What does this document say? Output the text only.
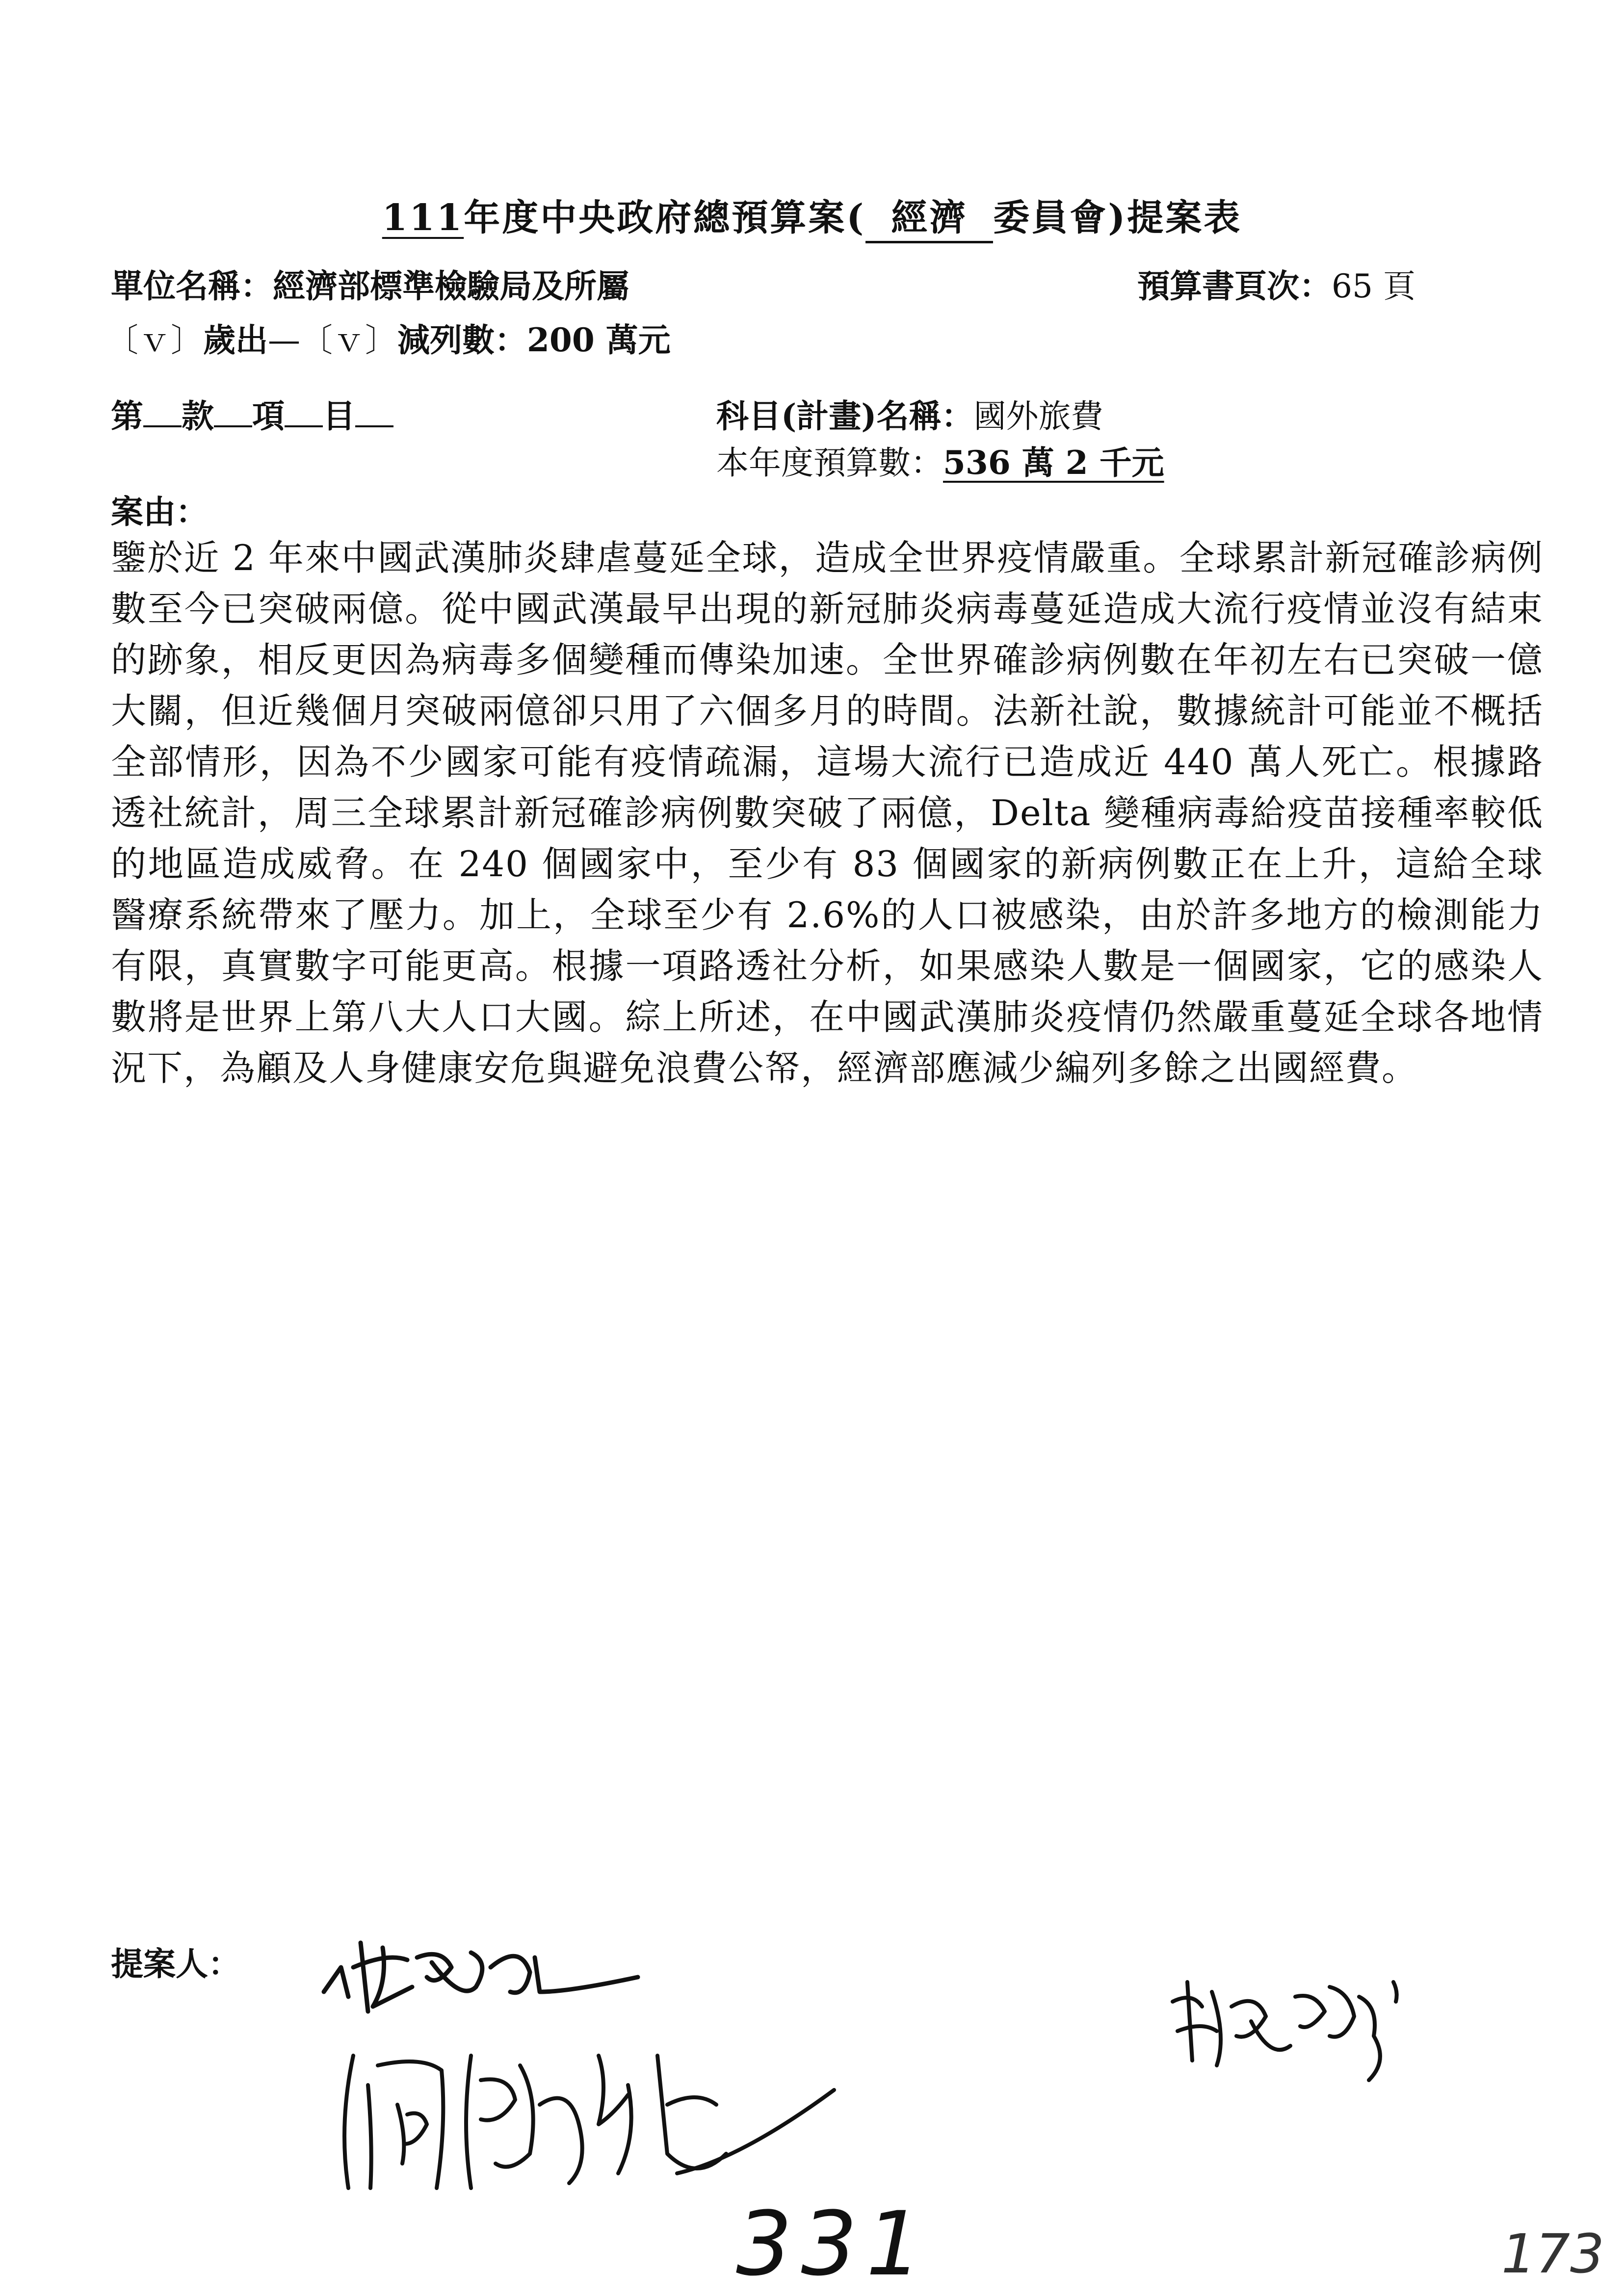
111年度中央政府總預算案( 經濟 委員會)提案表
單位名稱：經濟部標準檢驗局及所屬	預算書頁次：65 頁
〔ｖ〕歲出—〔ｖ〕減列數：200 萬元
第 款 項 目	科目(計畫)名稱：國外旅費
本年度預算數：536 萬 2 千元
案由：
鑒於近 2 年來中國武漢肺炎肆虐蔓延全球，造成全世界疫情嚴重。全球累計新冠確診病例數至今已突破兩億。從中國武漢最早出現的新冠肺炎病毒蔓延造成大流行疫情並沒有結束的跡象，相反更因為病毒多個變種而傳染加速。全世界確診病例數在年初左右已突破一億大關，但近幾個月突破兩億卻只用了六個多月的時間。法新社說，數據統計可能並不概括全部情形，因為不少國家可能有疫情疏漏，這場大流行已造成近 440 萬人死亡。根據路透社統計，周三全球累計新冠確診病例數突破了兩億，Delta 變種病毒給疫苗接種率較低的地區造成威脅。在 240 個國家中，至少有 83 個國家的新病例數正在上升，這給全球醫療系統帶來了壓力。加上，全球至少有 2.6%的人口被感染，由於許多地方的檢測能力有限，真實數字可能更高。根據一項路透社分析，如果感染人數是一個國家，它的感染人數將是世界上第八大人口大國。綜上所述，在中國武漢肺炎疫情仍然嚴重蔓延全球各地情況下，為顧及人身健康安危與避免浪費公帑，經濟部應減少編列多餘之出國經費。
提案人：
331	173
